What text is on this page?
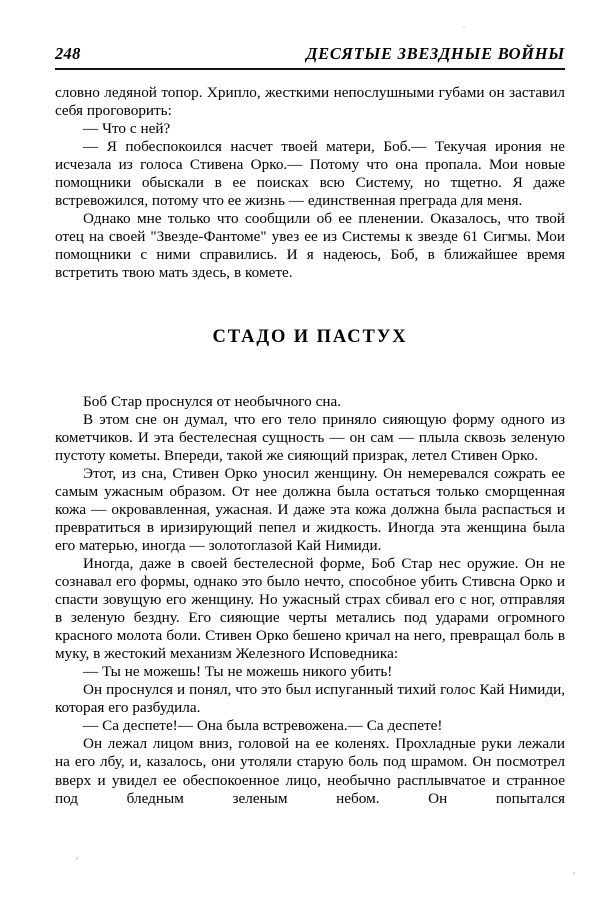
248	ДЕСЯТЫЕ ЗВЕЗДНЫЕ ВОЙНЫ

словно ледяной топор. Хрипло, жесткими непослушными губами он заставил себя проговорить:

— Что с ней?

— Я побеспокоился насчет твоей матери, Боб.— Текучая ирония не исчезала из голоса Стивена Орко.— Потому что она пропала. Мои новые помощники обыскали в ее поисках всю Систему, но тщетно. Я даже встревожился, потому что ее жизнь — единственная преграда для меня.

Однако мне только что сообщили об ее пленении. Оказалось, что твой отец на своей "Звезде-Фантоме" увез ее из Системы к звезде 61 Сигмы. Мои помощники с ними справились. И я надеюсь, Боб, в ближайшее время встретить твою мать здесь, в комете.

СТАДО И ПАСТУХ

Боб Стар проснулся от необычного сна.

В этом сне он думал, что его тело приняло сияющую форму одного из кометчиков. И эта бестелесная сущность — он сам — плыла сквозь зеленую пустоту кометы. Впереди, такой же сияющий призрак, летел Стивен Орко.

Этот, из сна, Стивен Орко уносил женщину. Он немеревался сожрать ее самым ужасным образом. От нее должна была остаться только сморщенная кожа — окровавленная, ужасная. И даже эта кожа должна была распасться и превратиться в иризирующий пепел и жидкость. Иногда эта женщина была его матерью, иногда — золотоглазой Кай Нимиди.

Иногда, даже в своей бестелесной форме, Боб Стар нес оружие. Он не сознавал его формы, однако это было нечто, способное убить Стивсна Орко и спасти зовущую его женщину. Но ужасный страх сбивал его с ног, отправляя в зеленую бездну. Его сияющие черты метались под ударами огромного красного молота боли. Стивен Орко бешено кричал на него, превращал боль в муку, в жестокий механизм Железного Исповедника:

— Ты не можешь! Ты не можешь никого убить!

Он проснулся и понял, что это был испуганный тихий голос Кай Нимиди, которая его разбудила.

— Са деспете!— Она была встревожена.— Са деспете!

Он лежал лицом вниз, головой на ее коленях. Прохладные руки лежали на его лбу, и, казалось, они утоляли старую боль под шрамом. Он посмотрел вверх и увидел ее обеспокоенное лицо, необычно расплывчатое и странное под бледным зеленым небом. Он попытался
